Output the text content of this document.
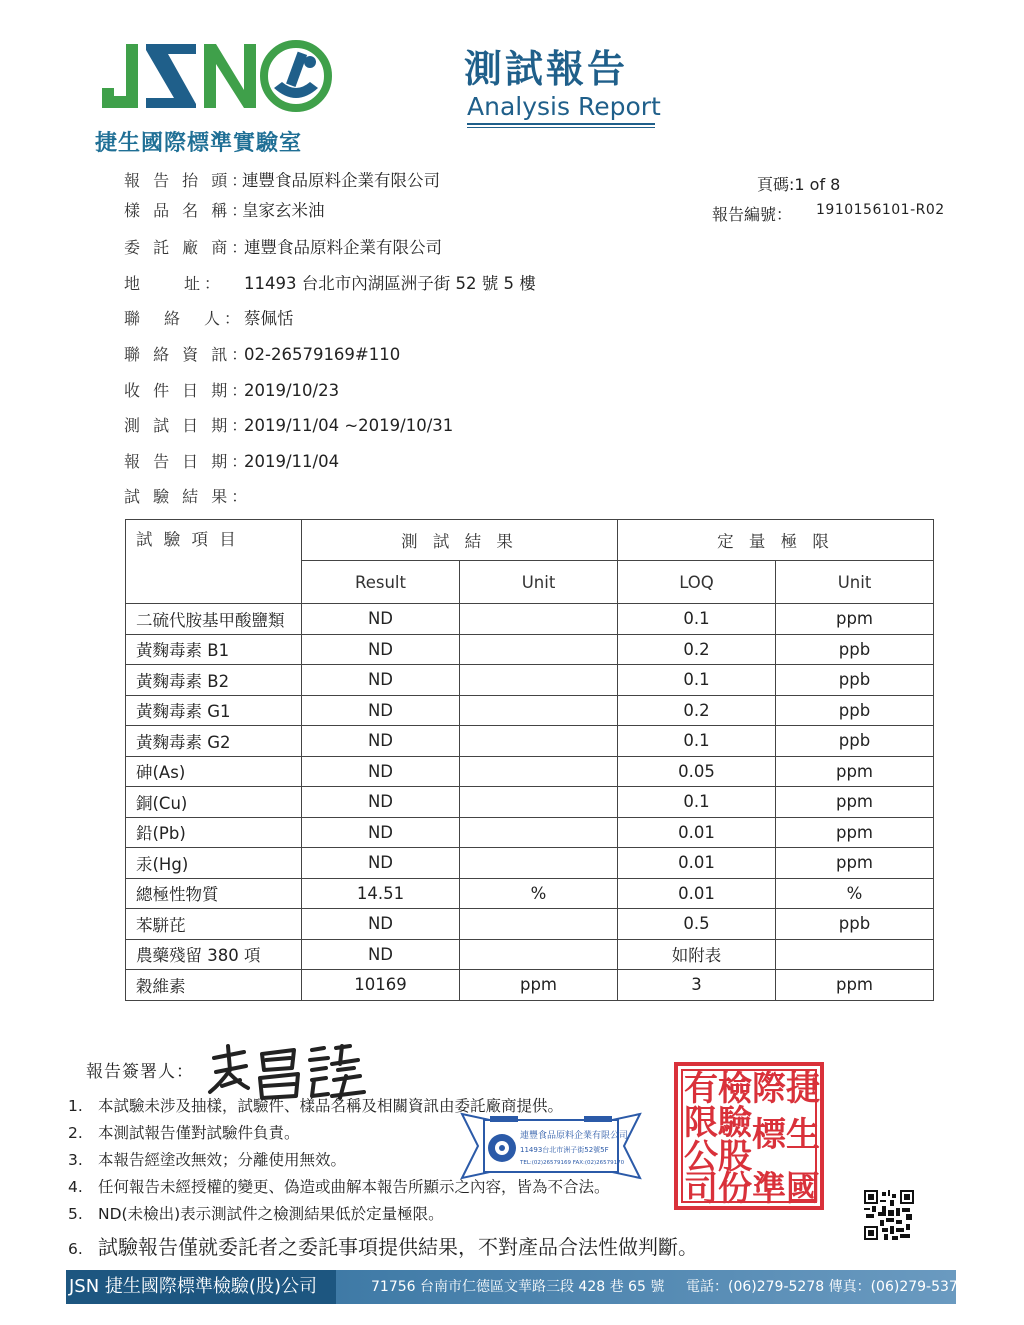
捷生國際標準實驗室
測試報告
Analysis Report
頁碼:1 of 8
報告編號： 1910156101-R02
報 告 抬 頭：
連豐食品原料企業有限公司
樣 品 名 稱：
皇家玄米油
委 託 廠 商：
連豐食品原料企業有限公司
地　　址： 11493 台北市內湖區洲子街 52 號 5 樓
聯　絡　人： 蔡佩恬
聯 絡 資 訊：
02-26579169#110
收 件 日 期：
2019/10/23
測 試 日 期：
2019/11/04 ~2019/10/31
報 告 日 期：
2019/11/04
試 驗 結 果：
試 驗 項 目	測 試 結 果		定 量 極 限	
	Result	Unit	LOQ	Unit
二硫代胺基甲酸鹽類	ND		0.1	ppm
黃麴毒素 B1	ND		0.2	ppb
黃麴毒素 B2	ND		0.1	ppb
黃麴毒素 G1	ND		0.2	ppb
黃麴毒素 G2	ND		0.1	ppb
砷(As)	ND		0.05	ppm
銅(Cu)	ND		0.1	ppm
鉛(Pb)	ND		0.01	ppm
汞(Hg)	ND		0.01	ppm
總極性物質	14.51	%	0.01	%
苯駢芘	ND		0.5	ppb
農藥殘留 380 項	ND		如附表	
穀維素	10169	ppm	3	ppm
報告簽署人：
1. 本試驗未涉及抽樣，試驗件、樣品名稱及相關資訊由委託廠商提供。
2. 本測試報告僅對試驗件負責。
3. 本報告經塗改無效；分離使用無效。
4. 任何報告未經授權的變更、偽造或曲解本報告所顯示之內容，皆為不合法。
5. ND(未檢出)表示測試件之檢測結果低於定量極限。
6. 試驗報告僅就委託者之委託事項提供結果，不對產品合法性做判斷。
連豐食品原料企業有限公司
11493台北市洲子街52號5F
TEL:(02)26579169 FAX:(02)26579170
有 檢 際 捷
限 驗 標 生
公 股
司 份 準 國
JSN 捷生國際標準檢驗(股)公司	71756 台南市仁德區文華路三段 428 巷 65 號 電話：(06)279-5278 傳真：(06)279-5378
